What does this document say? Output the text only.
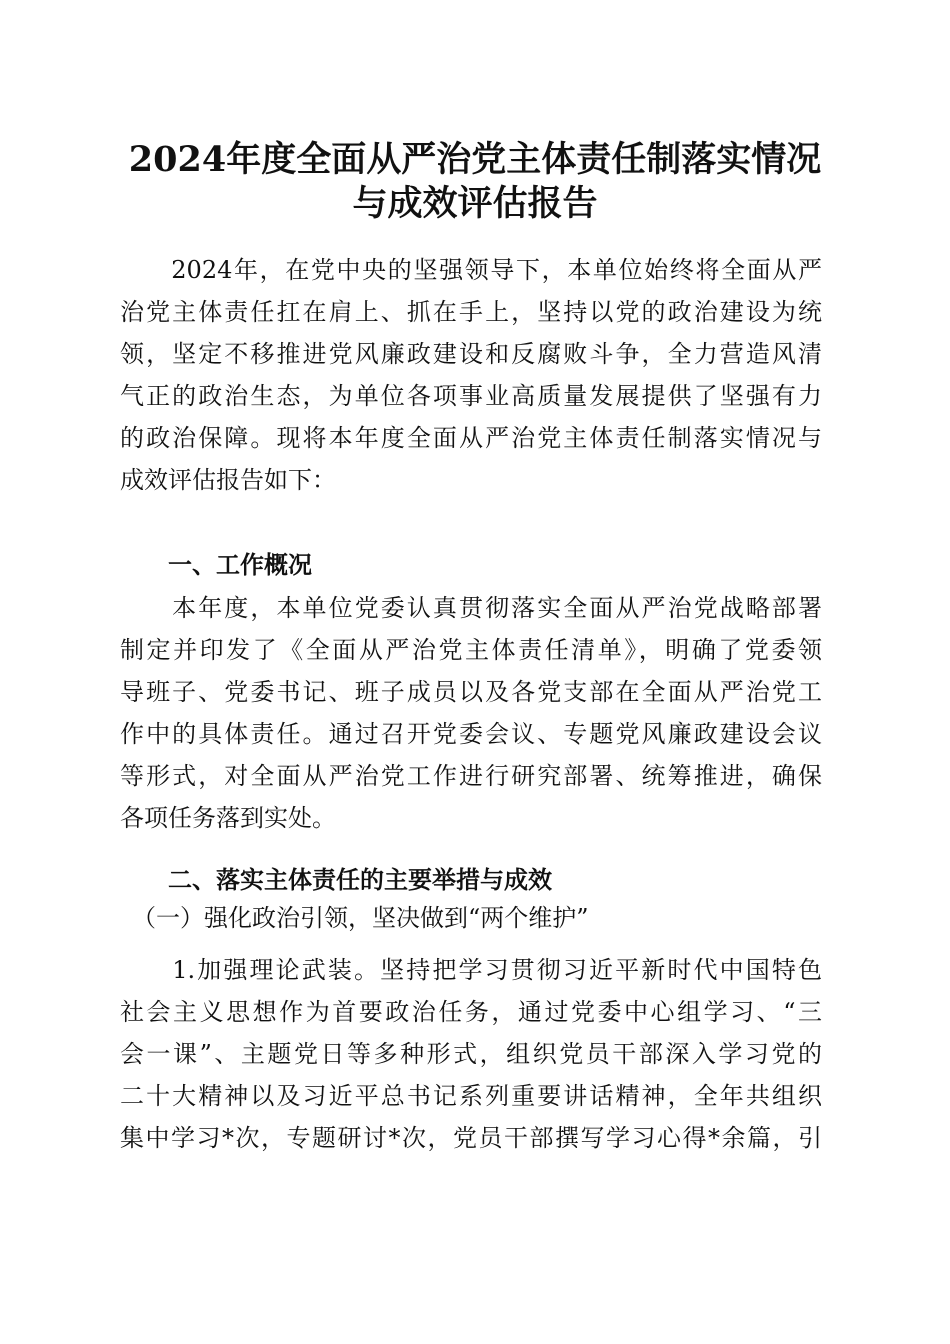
2024年度全面从严治党主体责任制落实情况
与成效评估报告
　　2024年，在党中央的坚强领导下，本单位始终将全面从严
治党主体责任扛在肩上、抓在手上，坚持以党的政治建设为统
领，坚定不移推进党风廉政建设和反腐败斗争，全力营造风清
气正的政治生态，为单位各项事业高质量发展提供了坚强有力
的政治保障。现将本年度全面从严治党主体责任制落实情况与
成效评估报告如下：
　　一、工作概况
　　本年度，本单位党委认真贯彻落实全面从严治党战略部署
制定并印发了《全面从严治党主体责任清单》，明确了党委领
导班子、党委书记、班子成员以及各党支部在全面从严治党工
作中的具体责任。通过召开党委会议、专题党风廉政建设会议
等形式，对全面从严治党工作进行研究部署、统筹推进，确保
各项任务落到实处。
　　二、落实主体责任的主要举措与成效
　（一）强化政治引领，坚决做到“两个维护”
　　1.加强理论武装。坚持把学习贯彻习近平新时代中国特色
社会主义思想作为首要政治任务，通过党委中心组学习、“三
会一课”、主题党日等多种形式，组织党员干部深入学习党的
二十大精神以及习近平总书记系列重要讲话精神，全年共组织
集中学习*次，专题研讨*次，党员干部撰写学习心得*余篇，引
